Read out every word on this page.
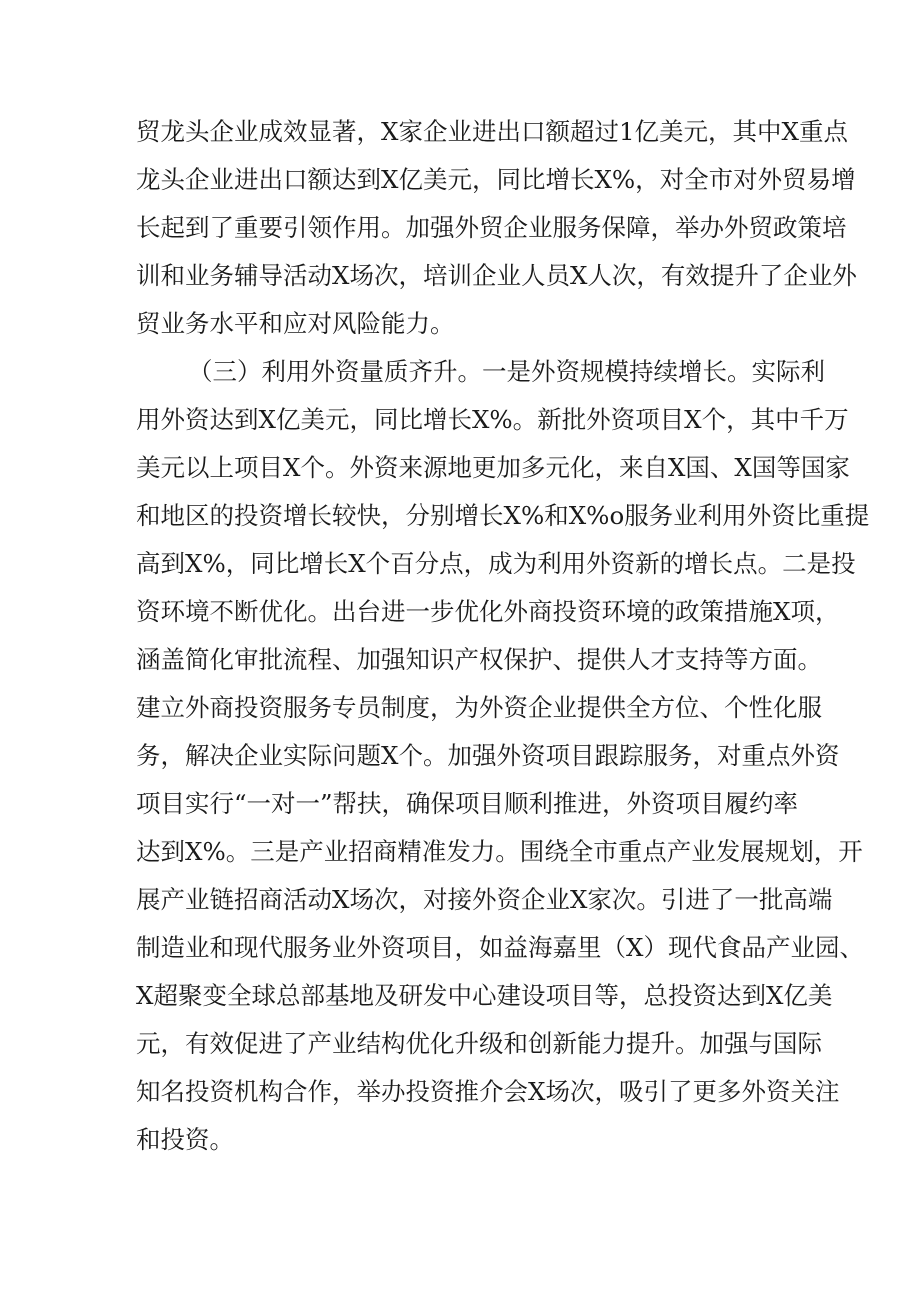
贸龙头企业成效显著，X家企业进出口额超过1亿美元，其中X重点
龙头企业进出口额达到X亿美元，同比增长X%，对全市对外贸易增
长起到了重要引领作用。加强外贸企业服务保障，举办外贸政策培
训和业务辅导活动X场次，培训企业人员X人次，有效提升了企业外
贸业务水平和应对风险能力。
（三）利用外资量质齐升。一是外资规模持续增长。实际利
用外资达到X亿美元，同比增长X%。新批外资项目X个，其中千万
美元以上项目X个。外资来源地更加多元化，来自X国、X国等国家
和地区的投资增长较快，分别增长X%和X%o服务业利用外资比重提
高到X%，同比增长X个百分点，成为利用外资新的增长点。二是投
资环境不断优化。出台进一步优化外商投资环境的政策措施X项，
涵盖简化审批流程、加强知识产权保护、提供人才支持等方面。
建立外商投资服务专员制度，为外资企业提供全方位、个性化服
务，解决企业实际问题X个。加强外资项目跟踪服务，对重点外资
项目实行“一对一”帮扶，确保项目顺利推进，外资项目履约率
达到X%。三是产业招商精准发力。围绕全市重点产业发展规划，开
展产业链招商活动X场次，对接外资企业X家次。引进了一批高端
制造业和现代服务业外资项目，如益海嘉里（X）现代食品产业园、
X超聚变全球总部基地及研发中心建设项目等，总投资达到X亿美
元，有效促进了产业结构优化升级和创新能力提升。加强与国际
知名投资机构合作，举办投资推介会X场次，吸引了更多外资关注
和投资。
